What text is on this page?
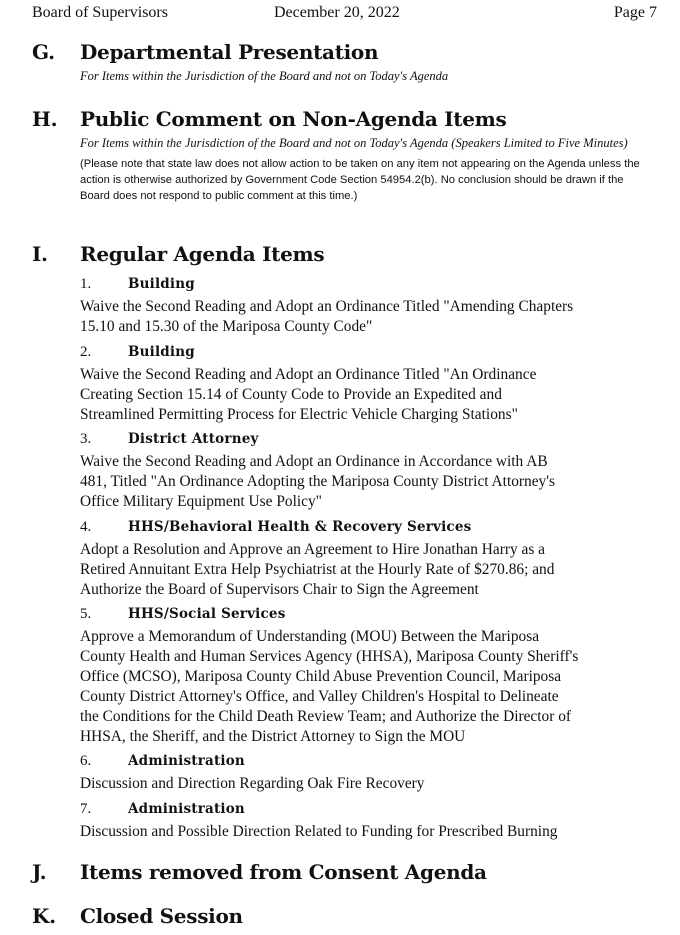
Board of Supervisors	December 20, 2022	Page 7
G.	Departmental Presentation

For Items within the Jurisdiction of the Board and not on Today's Agenda

H.	Public Comment on Non-Agenda Items

For Items within the Jurisdiction of the Board and not on Today's Agenda (Speakers Limited to Five Minutes)

(Please note that state law does not allow action to be taken on any item not appearing on the Agenda unless the action is otherwise authorized by Government Code Section 54954.2(b). No conclusion should be drawn if the Board does not respond to public comment at this time.)

I.	Regular Agenda Items
1.	Building
Waive the Second Reading and Adopt an Ordinance Titled "Amending Chapters
15.10 and 15.30 of the Mariposa County Code"
2.	Building
Waive the Second Reading and Adopt an Ordinance Titled "An Ordinance
Creating Section 15.14 of County Code to Provide an Expedited and
Streamlined Permitting Process for Electric Vehicle Charging Stations"
3.	District Attorney
Waive the Second Reading and Adopt an Ordinance in Accordance with AB
481, Titled "An Ordinance Adopting the Mariposa County District Attorney's
Office Military Equipment Use Policy"
4.	HHS/Behavioral Health & Recovery Services
Adopt a Resolution and Approve an Agreement to Hire Jonathan Harry as a
Retired Annuitant Extra Help Psychiatrist at the Hourly Rate of $270.86; and
Authorize the Board of Supervisors Chair to Sign the Agreement
5.	HHS/Social Services
Approve a Memorandum of Understanding (MOU) Between the Mariposa
County Health and Human Services Agency (HHSA), Mariposa County Sheriff's
Office (MCSO), Mariposa County Child Abuse Prevention Council, Mariposa
County District Attorney's Office, and Valley Children's Hospital to Delineate
the Conditions for the Child Death Review Team; and Authorize the Director of
HHSA, the Sheriff, and the District Attorney to Sign the MOU
6.	Administration
Discussion and Direction Regarding Oak Fire Recovery
7.	Administration
Discussion and Possible Direction Related to Funding for Prescribed Burning
J.	Items removed from Consent Agenda
K.	Closed Session
